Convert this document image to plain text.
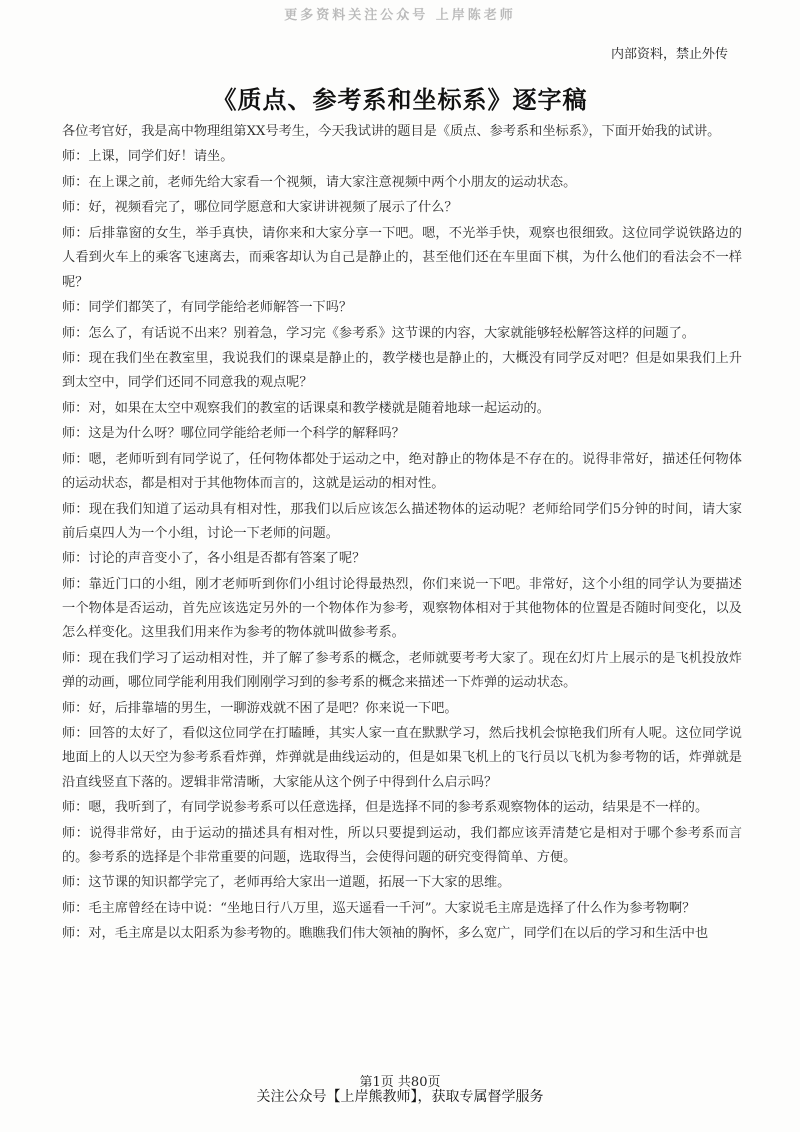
更多资料关注公众号 上岸陈老师
内部资料，禁止外传
《质点、参考系和坐标系》逐字稿

各位考官好，我是高中物理组第XX号考生，今天我试讲的题目是《质点、参考系和坐标系》，下面开始我的试讲。

师：上课，同学们好！请坐。

师：在上课之前，老师先给大家看一个视频，请大家注意视频中两个小朋友的运动状态。

师：好，视频看完了，哪位同学愿意和大家讲讲视频了展示了什么？

师：后排靠窗的女生，举手真快，请你来和大家分享一下吧。嗯，不光举手快，观察也很细致。这位同学说铁路边的人看到火车上的乘客飞速离去，而乘客却认为自己是静止的，甚至他们还在车里面下棋，为什么他们的看法会不一样呢？

师：同学们都笑了，有同学能给老师解答一下吗？

师：怎么了，有话说不出来？别着急，学习完《参考系》这节课的内容，大家就能够轻松解答这样的问题了。

师：现在我们坐在教室里，我说我们的课桌是静止的，教学楼也是静止的，大概没有同学反对吧？但是如果我们上升到太空中，同学们还同不同意我的观点呢？

师：对，如果在太空中观察我们的教室的话课桌和教学楼就是随着地球一起运动的。

师：这是为什么呀？哪位同学能给老师一个科学的解释吗？

师：嗯，老师听到有同学说了，任何物体都处于运动之中，绝对静止的物体是不存在的。说得非常好，描述任何物体的运动状态，都是相对于其他物体而言的，这就是运动的相对性。

师：现在我们知道了运动具有相对性，那我们以后应该怎么描述物体的运动呢？老师给同学们5分钟的时间，请大家前后桌四人为一个小组，讨论一下老师的问题。

师：讨论的声音变小了，各小组是否都有答案了呢？

师：靠近门口的小组，刚才老师听到你们小组讨论得最热烈，你们来说一下吧。非常好，这个小组的同学认为要描述一个物体是否运动，首先应该选定另外的一个物体作为参考，观察物体相对于其他物体的位置是否随时间变化，以及怎么样变化。这里我们用来作为参考的物体就叫做参考系。

师：现在我们学习了运动相对性，并了解了参考系的概念，老师就要考考大家了。现在幻灯片上展示的是飞机投放炸弹的动画，哪位同学能利用我们刚刚学习到的参考系的概念来描述一下炸弹的运动状态。

师：好，后排靠墙的男生，一聊游戏就不困了是吧？你来说一下吧。

师：回答的太好了，看似这位同学在打瞌睡，其实人家一直在默默学习，然后找机会惊艳我们所有人呢。这位同学说地面上的人以天空为参考系看炸弹，炸弹就是曲线运动的，但是如果飞机上的飞行员以飞机为参考物的话，炸弹就是沿直线竖直下落的。逻辑非常清晰，大家能从这个例子中得到什么启示吗？

师：嗯，我听到了，有同学说参考系可以任意选择，但是选择不同的参考系观察物体的运动，结果是不一样的。

师：说得非常好，由于运动的描述具有相对性，所以只要提到运动，我们都应该弄清楚它是相对于哪个参考系而言的。参考系的选择是个非常重要的问题，选取得当，会使得问题的研究变得简单、方便。

师：这节课的知识都学完了，老师再给大家出一道题，拓展一下大家的思维。

师：毛主席曾经在诗中说：“坐地日行八万里，巡天遥看一千河”。大家说毛主席是选择了什么作为参考物啊？

师：对，毛主席是以太阳系为参考物的。瞧瞧我们伟大领袖的胸怀，多么宽广，同学们在以后的学习和生活中也

第1页 共80页
关注公众号【上岸熊教师】，获取专属督学服务
